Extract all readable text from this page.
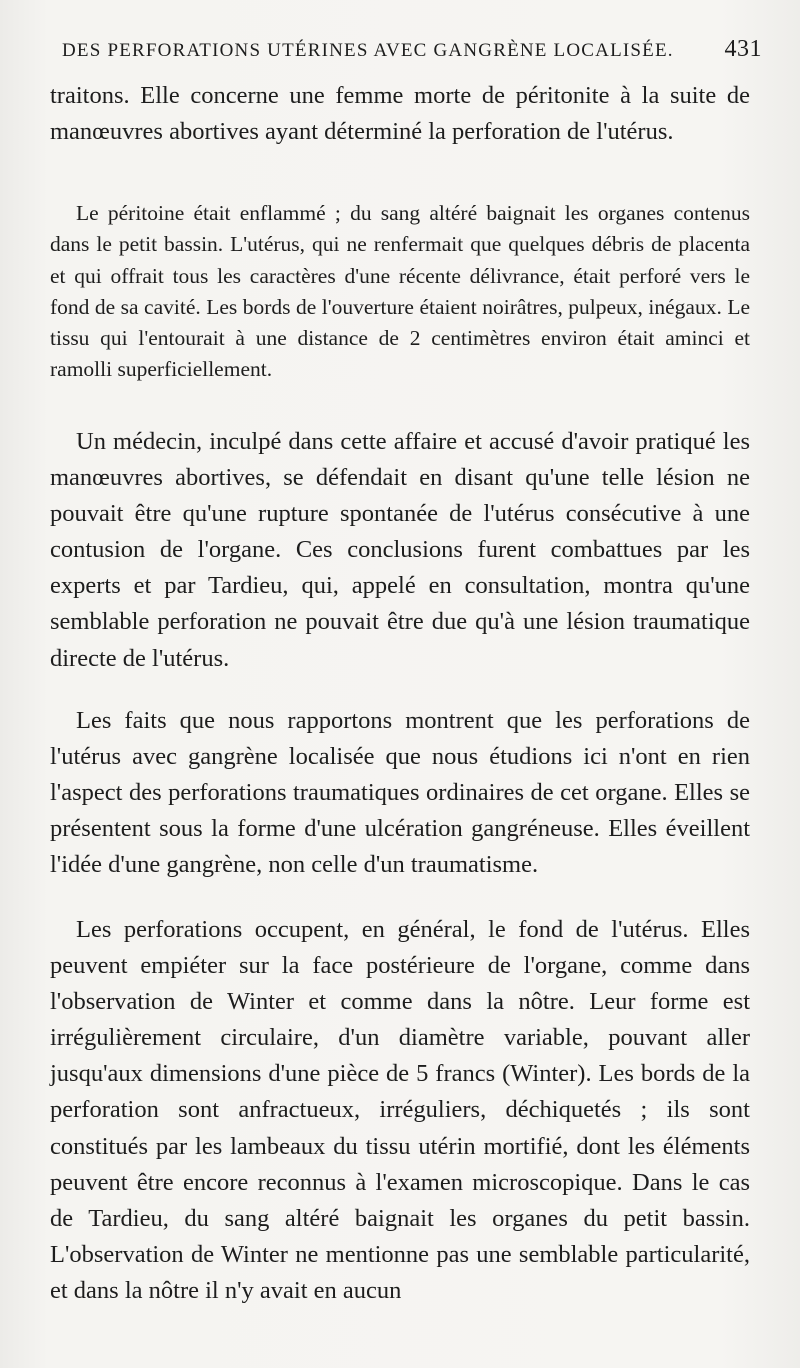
DES PERFORATIONS UTÉRINES AVEC GANGRÈNE LOCALISÉE. 431

traitons. Elle concerne une femme morte de péritonite à la suite de manœuvres abortives ayant déterminé la perforation de l'utérus.

Le péritoine était enflammé ; du sang altéré baignait les organes contenus dans le petit bassin. L'utérus, qui ne renfermait que quelques débris de placenta et qui offrait tous les caractères d'une récente délivrance, était perforé vers le fond de sa cavité. Les bords de l'ouverture étaient noirâtres, pulpeux, inégaux. Le tissu qui l'entourait à une distance de 2 centimètres environ était aminci et ramolli superficiellement.

Un médecin, inculpé dans cette affaire et accusé d'avoir pratiqué les manœuvres abortives, se défendait en disant qu'une telle lésion ne pouvait être qu'une rupture spontanée de l'utérus consécutive à une contusion de l'organe. Ces conclusions furent combattues par les experts et par Tardieu, qui, appelé en consultation, montra qu'une semblable perforation ne pouvait être due qu'à une lésion traumatique directe de l'utérus.

Les faits que nous rapportons montrent que les perforations de l'utérus avec gangrène localisée que nous étudions ici n'ont en rien l'aspect des perforations traumatiques ordinaires de cet organe. Elles se présentent sous la forme d'une ulcération gangréneuse. Elles éveillent l'idée d'une gangrène, non celle d'un traumatisme.

Les perforations occupent, en général, le fond de l'utérus. Elles peuvent empiéter sur la face postérieure de l'organe, comme dans l'observation de Winter et comme dans la nôtre. Leur forme est irrégulièrement circulaire, d'un diamètre variable, pouvant aller jusqu'aux dimensions d'une pièce de 5 francs (Winter). Les bords de la perforation sont anfractueux, irréguliers, déchiquetés ; ils sont constitués par les lambeaux du tissu utérin mortifié, dont les éléments peuvent être encore reconnus à l'examen microscopique. Dans le cas de Tardieu, du sang altéré baignait les organes du petit bassin. L'observation de Winter ne mentionne pas une semblable particularité, et dans la nôtre il n'y avait en aucun
